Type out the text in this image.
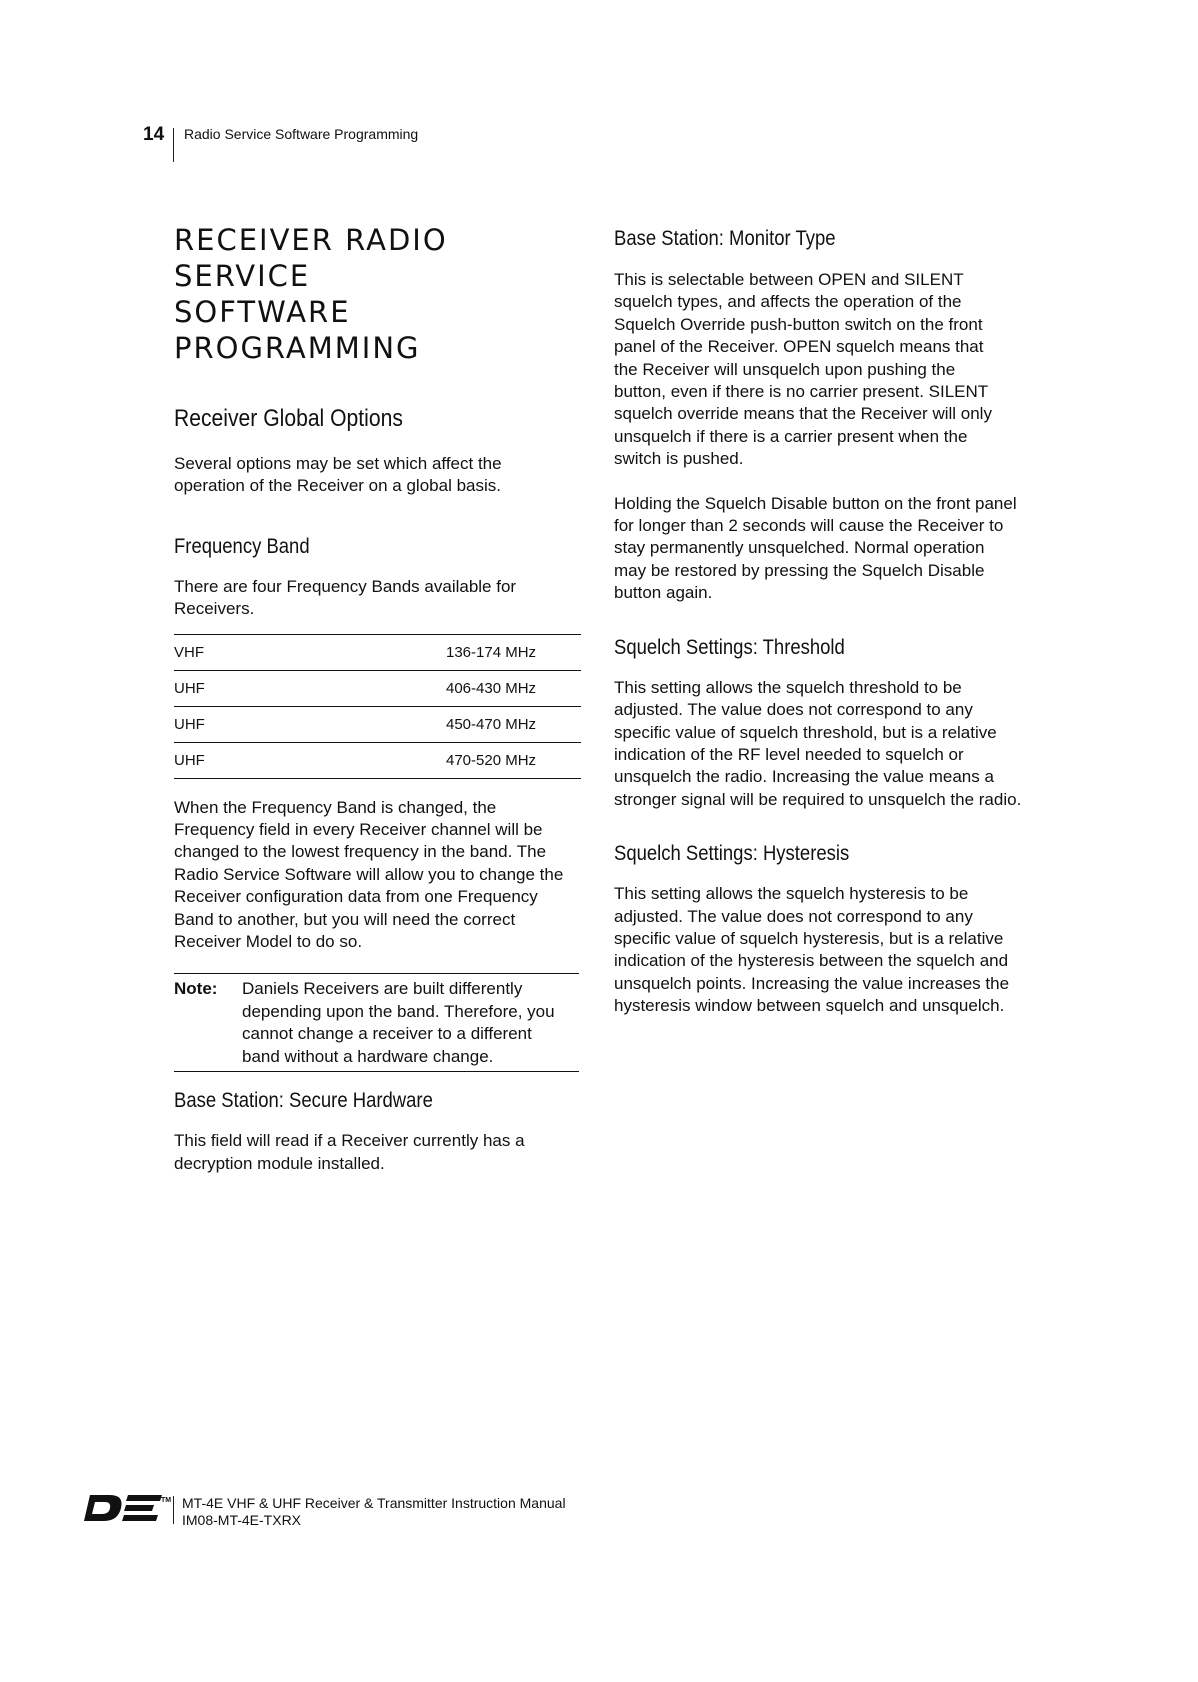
14 Radio Service Software Programming
RECEIVER RADIO SERVICE
SOFTWARE PROGRAMMING
Receiver Global Options

Several options may be set which affect the operation of the Receiver on a global basis.

Frequency Band

There are four Frequency Bands available for Receivers.

VHF	136-174 MHz
UHF	406-430 MHz
UHF	450-470 MHz
UHF	470-520 MHz

When the Frequency Band is changed, the Frequency field in every Receiver channel will be changed to the lowest frequency in the band. The Radio Service Software will allow you to change the Receiver configuration data from one Frequency Band to another, but you will need the correct Receiver Model to do so.

Note:	Daniels Receivers are built differently depending upon the band. Therefore, you cannot change a receiver to a different band without a hardware change.
Base Station: Secure Hardware

This field will read if a Receiver currently has a decryption module installed.

Base Station: Monitor Type

This is selectable between OPEN and SILENT squelch types, and affects the operation of the Squelch Override push-button switch on the front panel of the Receiver. OPEN squelch means that the Receiver will unsquelch upon pushing the button, even if there is no carrier present. SILENT squelch override means that the Receiver will only unsquelch if there is a carrier present when the switch is pushed.

Holding the Squelch Disable button on the front panel for longer than 2 seconds will cause the Receiver to stay permanently unsquelched. Normal operation may be restored by pressing the Squelch Disable button again.

Squelch Settings: Threshold

This setting allows the squelch threshold to be adjusted. The value does not correspond to any specific value of squelch threshold, but is a relative indication of the RF level needed to squelch or unsquelch the radio. Increasing the value means a stronger signal will be required to unsquelch the radio.

Squelch Settings: Hysteresis

This setting allows the squelch hysteresis to be adjusted. The value does not correspond to any specific value of squelch hysteresis, but is a relative indication of the hysteresis between the squelch and unsquelch points. Increasing the value increases the hysteresis window between squelch and unsquelch.

TM MT-4E VHF & UHF Receiver & Transmitter Instruction Manual
IM08-MT-4E-TXRX
